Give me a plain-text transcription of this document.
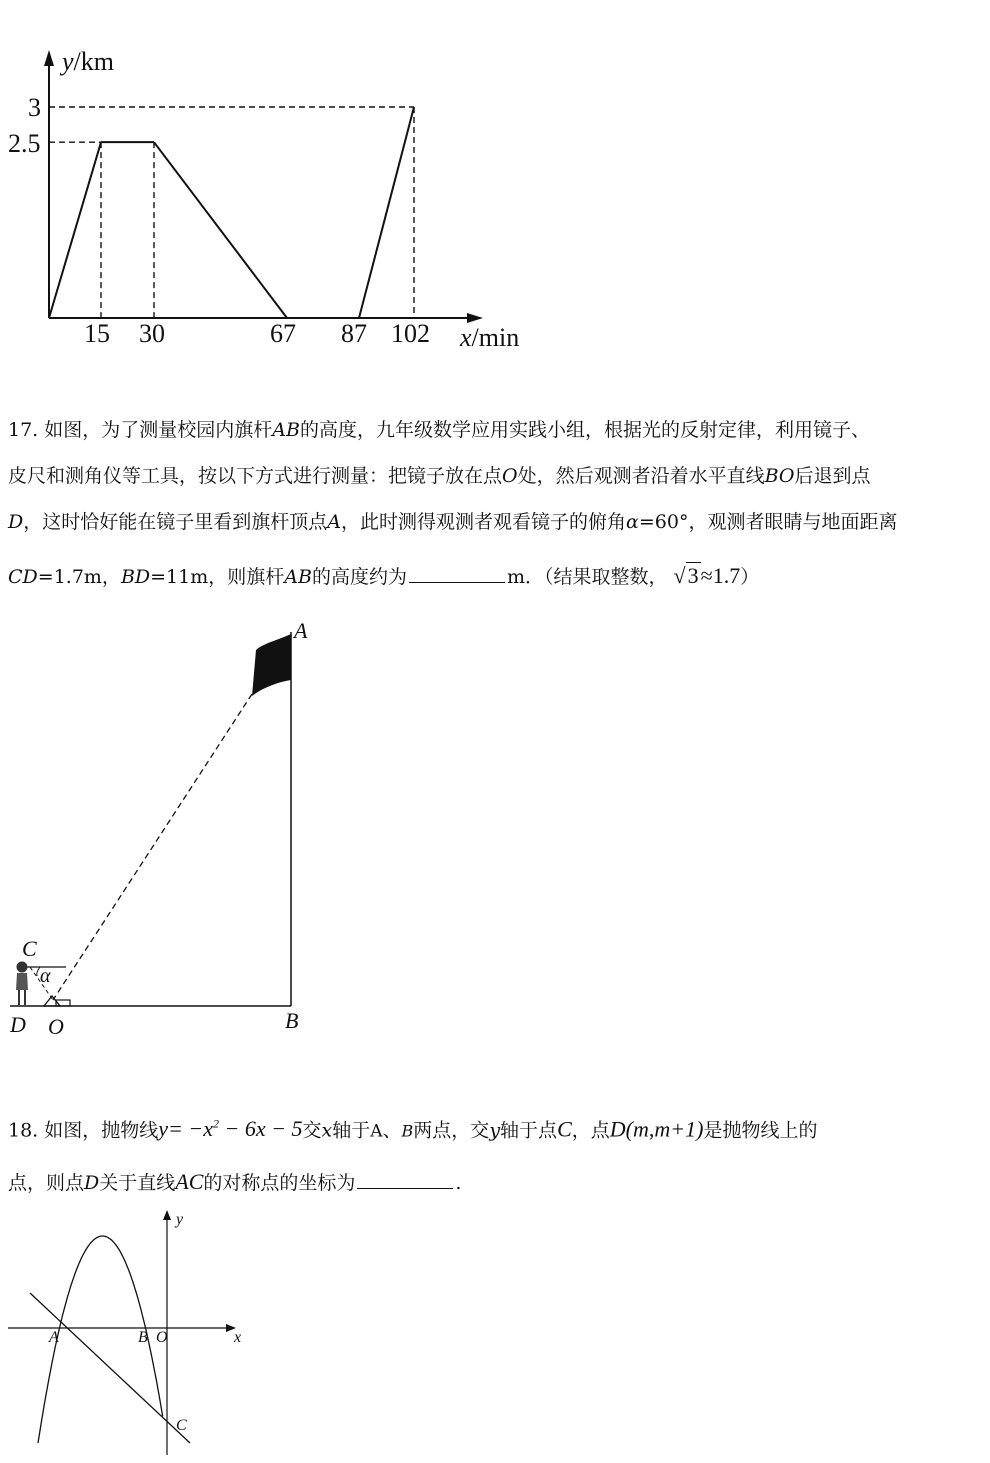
y/km
x/min
3
2.5
15 30	67 87 102
17. 如图，为了测量校园内旗杆AB的高度，九年级数学应用实践小组，根据光的反射定律，利用镜子、
皮尺和测角仪等工具，按以下方式进行测量：把镜子放在点O处，然后观测者沿着水平直线BO后退到点
D，这时恰好能在镜子里看到旗杆顶点A，此时测得观测者观看镜子的俯角α=60°，观测者眼睛与地面距离
CD=1.7m，BD=11m，则旗杆AB的高度约为	m．（结果取整数， √3≈1.7）
A
B
C
D O
α
18. 如图，抛物线$y= -x^2 - 6x - 5$交x轴于A、B两点，交y轴于点C，点D(m,m+1)是抛物线上的
点，则点D关于直线AC的对称点的坐标为	.
y
x
A	B O
C
